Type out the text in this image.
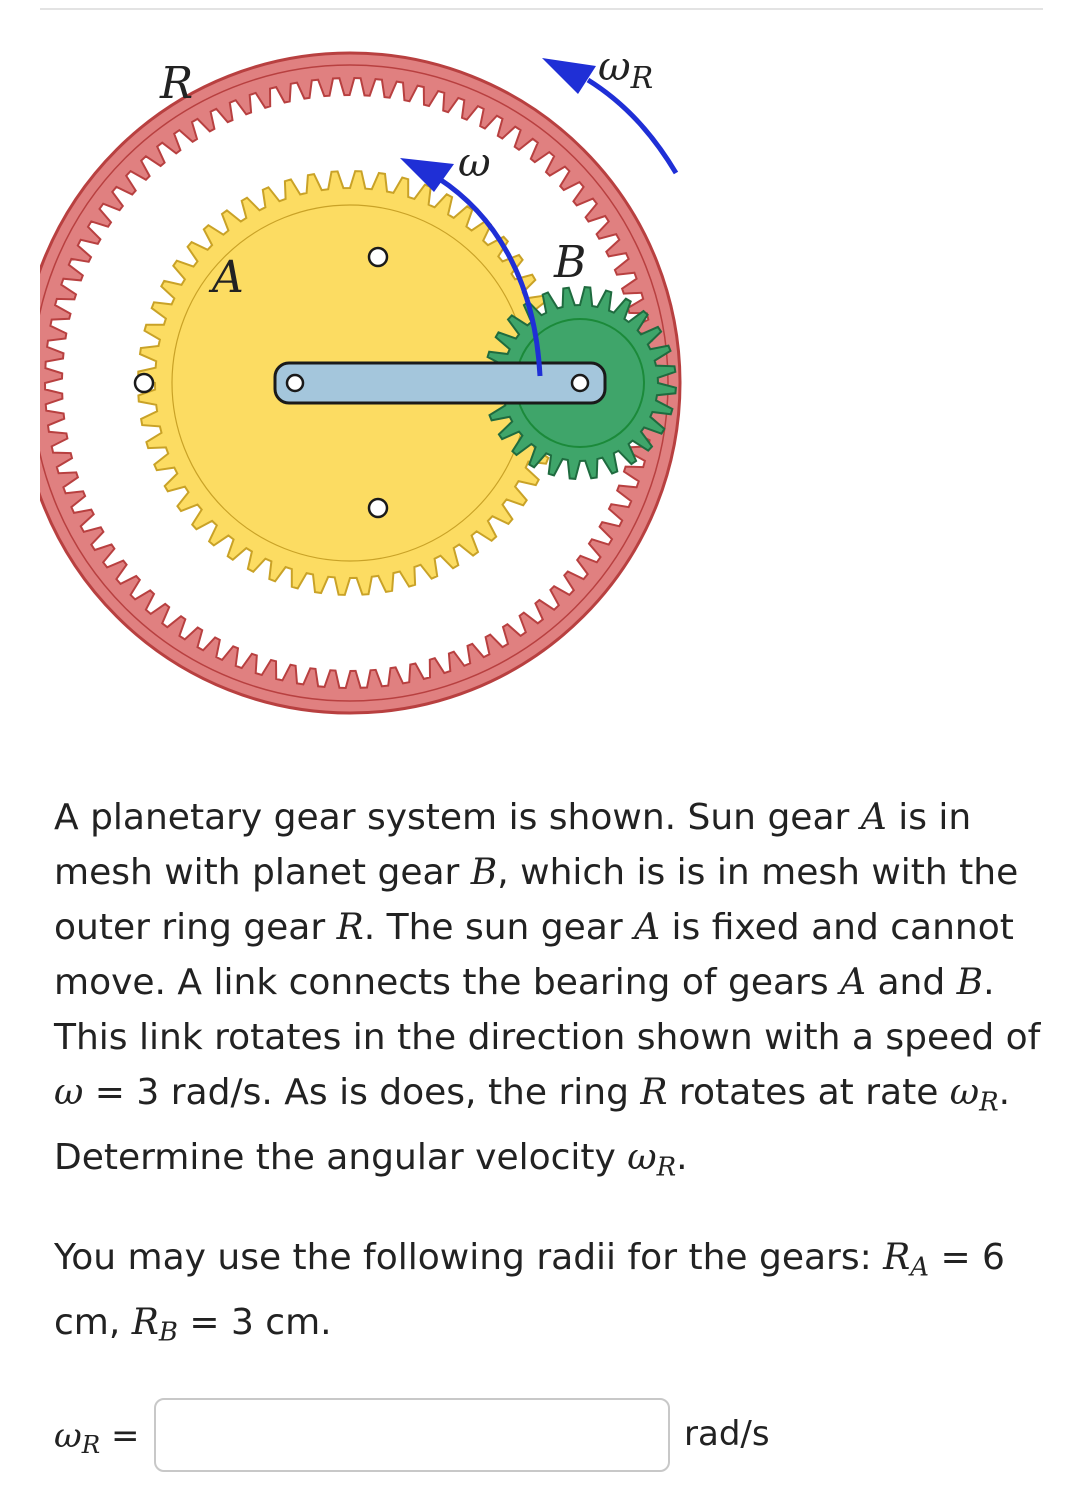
R
A	B
ω
$\omega_R$

A planetary gear system is shown. Sun gear A is in mesh with planet gear B, which is is in mesh with the outer ring gear R. The sun gear A is fixed and cannot move. A link connects the bearing of gears A and B. This link rotates in the direction shown with a speed of ω = 3 rad/s. As is does, the ring R rotates at rate $\omega_R$. Determine the angular velocity $\omega_R$.

You may use the following radii for the gears: $R_A = 6$ cm, $R_B = 3$ cm.

$\omega_R$ =	rad/s
